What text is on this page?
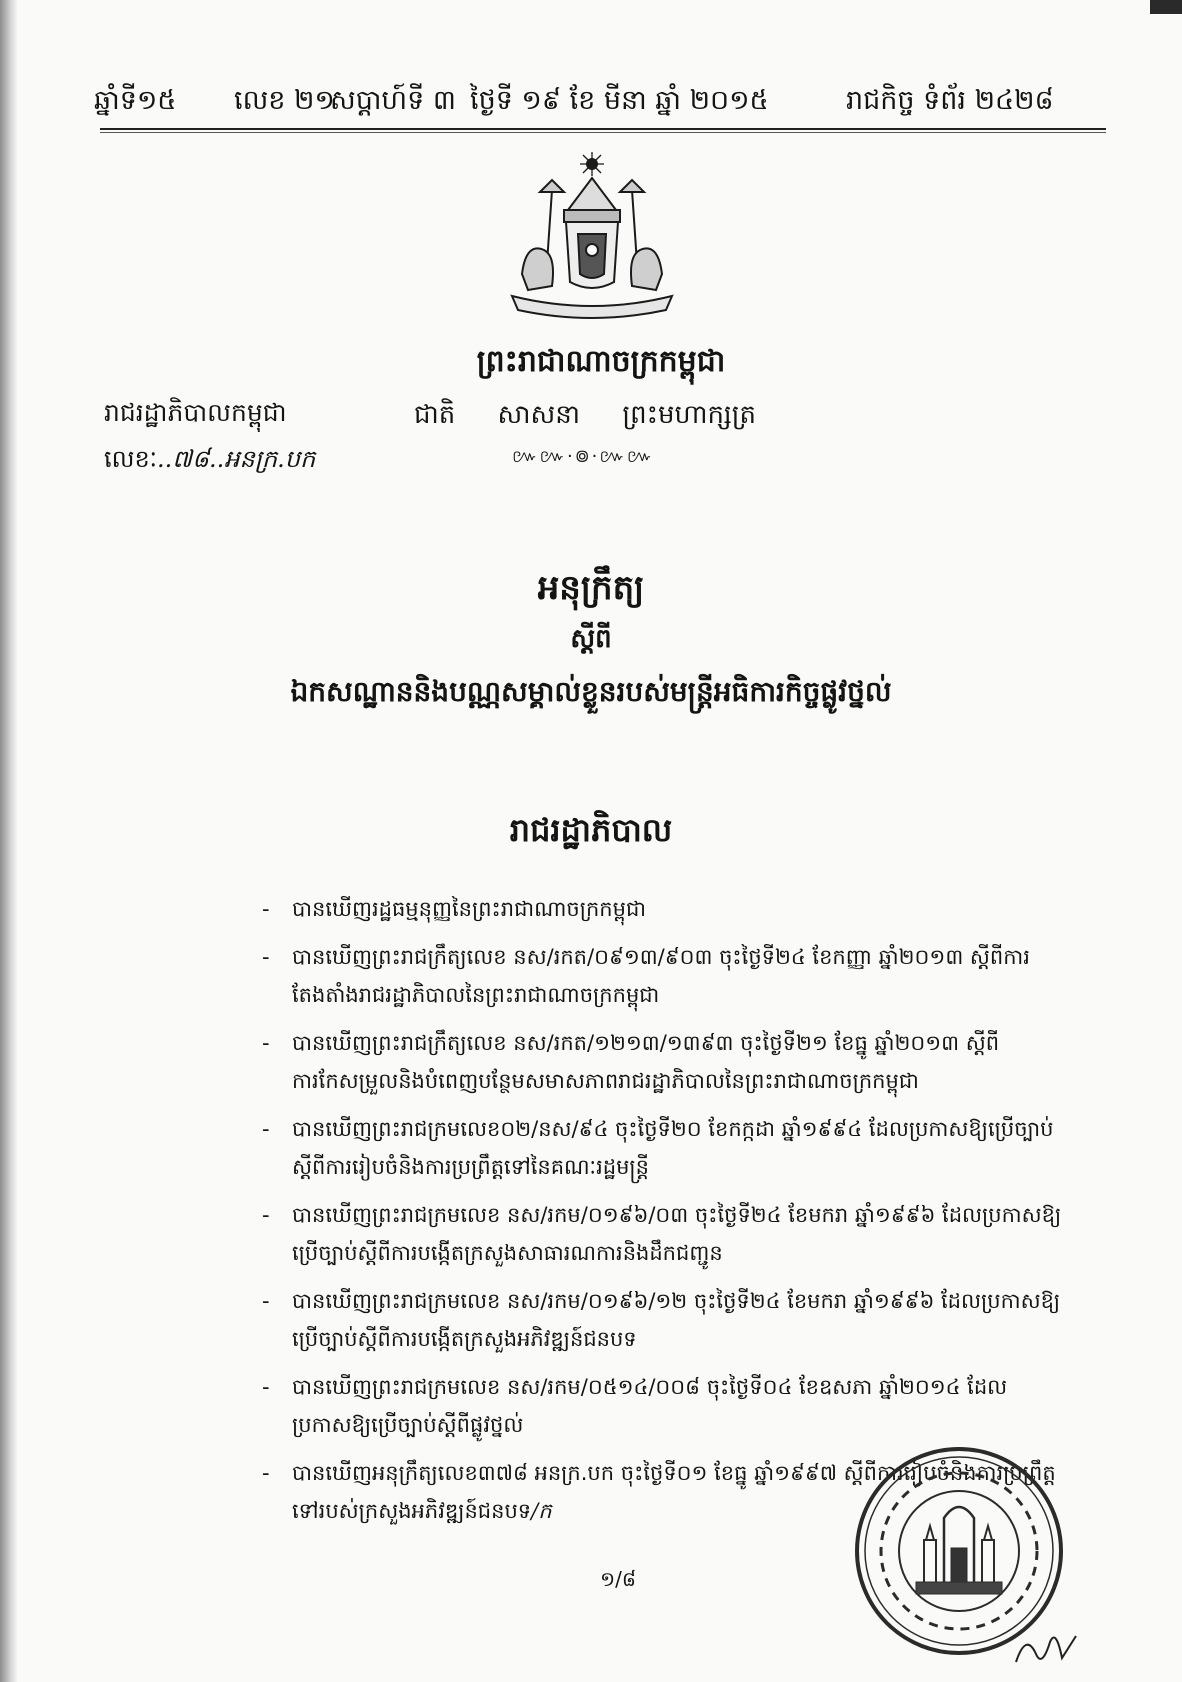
ឆ្នាំទី១៥ លេខ ២១
សប្តាហ៍ទី ៣ ថ្ងៃទី ១៩ ខែ មីនា ឆ្នាំ ២០១៥	រាជកិច្ច ទំព័រ ២៤២៨
ព្រះរាជាណាចក្រកម្ពុជា
ជាតិ សាសនា ព្រះមហាក្សត្រ
៚៚·៙·៚៚
រាជរដ្ឋាភិបាលកម្ពុជា
លេខៈ..៧៨..អនក្រ.បក
អនុក្រឹត្យ
ស្តីពី
ឯកសណ្ឋាននិងបណ្ណសម្គាល់ខ្លួនរបស់មន្ត្រីអធិការកិច្ចផ្លូវថ្នល់
រាជរដ្ឋាភិបាល
- បានឃើញរដ្ឋធម្មនុញ្ញនៃព្រះរាជាណាចក្រកម្ពុជា
- បានឃើញព្រះរាជក្រឹត្យលេខ នស/រកត/០៩១៣/៩០៣ ចុះថ្ងៃទី២៤ ខែកញ្ញា ឆ្នាំ២០១៣ ស្តីពីការតែងតាំងរាជរដ្ឋាភិបាលនៃព្រះរាជាណាចក្រកម្ពុជា
- បានឃើញព្រះរាជក្រឹត្យលេខ នស/រកត/១២១៣/១៣៩៣ ចុះថ្ងៃទី២១ ខែធ្នូ ឆ្នាំ២០១៣ ស្តីពីការកែសម្រួលនិងបំពេញបន្ថែមសមាសភាពរាជរដ្ឋាភិបាលនៃព្រះរាជាណាចក្រកម្ពុជា
- បានឃើញព្រះរាជក្រមលេខ០២/នស/៩៤ ចុះថ្ងៃទី២០ ខែកក្កដា ឆ្នាំ១៩៩៤ ដែលប្រកាសឱ្យប្រើច្បាប់ស្តីពីការរៀបចំនិងការប្រព្រឹត្តទៅនៃគណៈរដ្ឋមន្ត្រី
- បានឃើញព្រះរាជក្រមលេខ នស/រកម/០១៩៦/០៣ ចុះថ្ងៃទី២៤ ខែមករា ឆ្នាំ១៩៩៦ ដែលប្រកាសឱ្យប្រើច្បាប់ស្តីពីការបង្កើតក្រសួងសាធារណការនិងដឹកជញ្ជូន
- បានឃើញព្រះរាជក្រមលេខ នស/រកម/០១៩៦/១២ ចុះថ្ងៃទី២៤ ខែមករា ឆ្នាំ១៩៩៦ ដែលប្រកាសឱ្យប្រើច្បាប់ស្តីពីការបង្កើតក្រសួងអភិវឌ្ឍន៍ជនបទ
- បានឃើញព្រះរាជក្រមលេខ នស/រកម/០៥១៤/០០៨ ចុះថ្ងៃទី០៤ ខែឧសភា ឆ្នាំ២០១៤ ដែលប្រកាសឱ្យប្រើច្បាប់ស្តីពីផ្លូវថ្នល់
- បានឃើញអនុក្រឹត្យលេខ៣៧៨ អនក្រ.បក ចុះថ្ងៃទី០១ ខែធ្នូ ឆ្នាំ១៩៩៧ ស្តីពីការរៀបចំនិងការប្រព្រឹត្តទៅរបស់ក្រសួងអភិវឌ្ឍន៍ជនបទ/ក
១/៨
